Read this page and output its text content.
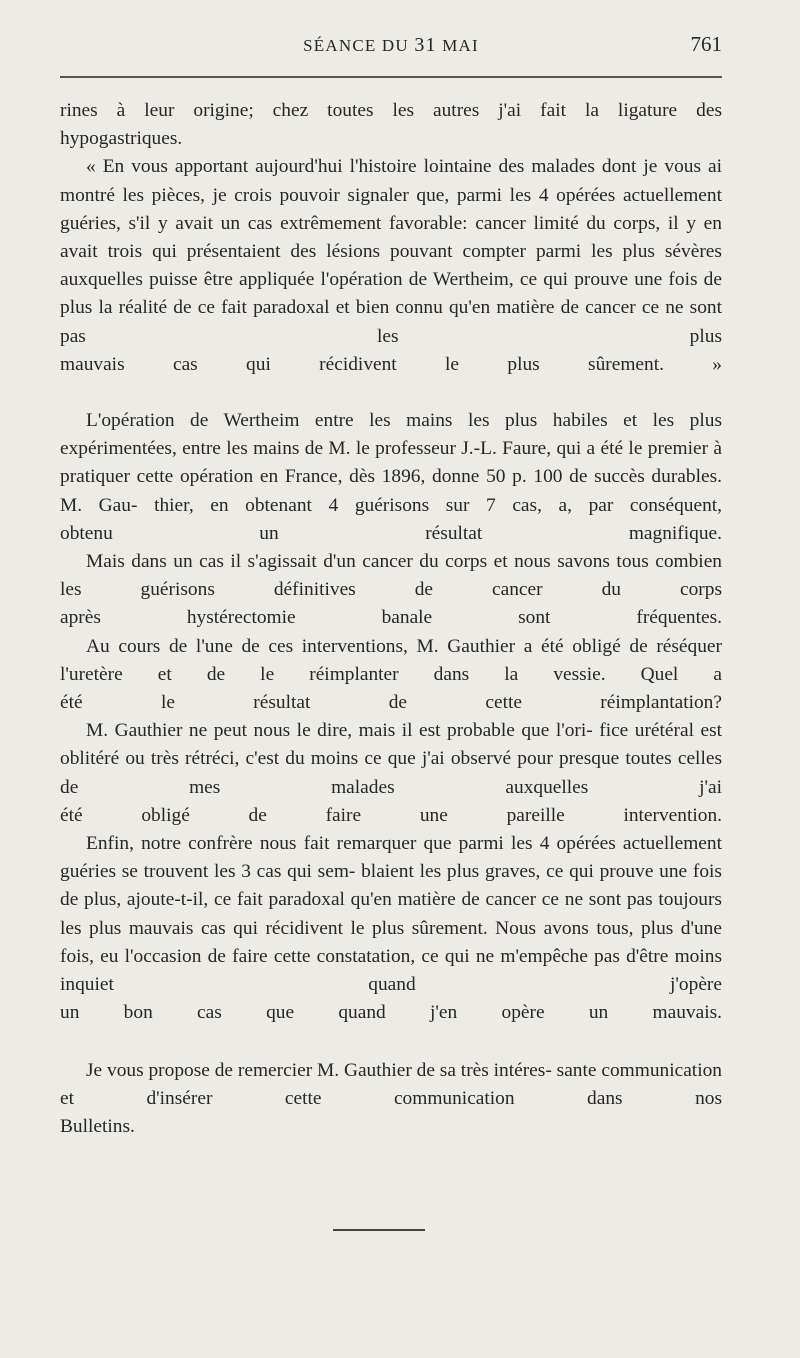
SÉANCE DU 31 MAI	761

rines à leur origine; chez toutes les autres j'ai fait la ligature des
hypogastriques.

« En vous apportant aujourd'hui l'histoire lointaine des malades dont je vous ai montré les pièces, je crois pouvoir signaler que, parmi les 4 opérées actuellement guéries, s'il y avait un cas extrêmement favorable: cancer limité du corps, il y en avait trois qui présentaient des lésions pouvant compter parmi les plus sévères auxquelles puisse être appliquée l'opération de Wertheim, ce qui prouve une fois de plus la réalité de ce fait paradoxal et bien connu qu'en matière de cancer ce ne sont pas les plus
mauvais cas qui récidivent le plus sûrement. »

L'opération de Wertheim entre les mains les plus habiles et les plus expérimentées, entre les mains de M. le professeur J.-L. Faure, qui a été le premier à pratiquer cette opération en France, dès 1896, donne 50 p. 100 de succès durables. M. Gau- thier, en obtenant 4 guérisons sur 7 cas, a, par conséquent,
obtenu un résultat magnifique.

Mais dans un cas il s'agissait d'un cancer du corps et nous savons tous combien les guérisons définitives de cancer du corps
après hystérectomie banale sont fréquentes.

Au cours de l'une de ces interventions, M. Gauthier a été obligé de réséquer l'uretère et de le réimplanter dans la vessie. Quel a
été le résultat de cette réimplantation?

M. Gauthier ne peut nous le dire, mais il est probable que l'ori- fice urétéral est oblitéré ou très rétréci, c'est du moins ce que j'ai observé pour presque toutes celles de mes malades auxquelles j'ai
été obligé de faire une pareille intervention.

Enfin, notre confrère nous fait remarquer que parmi les 4 opérées actuellement guéries se trouvent les 3 cas qui sem- blaient les plus graves, ce qui prouve une fois de plus, ajoute-t-il, ce fait paradoxal qu'en matière de cancer ce ne sont pas toujours les plus mauvais cas qui récidivent le plus sûrement. Nous avons tous, plus d'une fois, eu l'occasion de faire cette constatation, ce qui ne m'empêche pas d'être moins inquiet quand j'opère
un bon cas que quand j'en opère un mauvais.

Je vous propose de remercier M. Gauthier de sa très intéres- sante communication et d'insérer cette communication dans nos
Bulletins.
